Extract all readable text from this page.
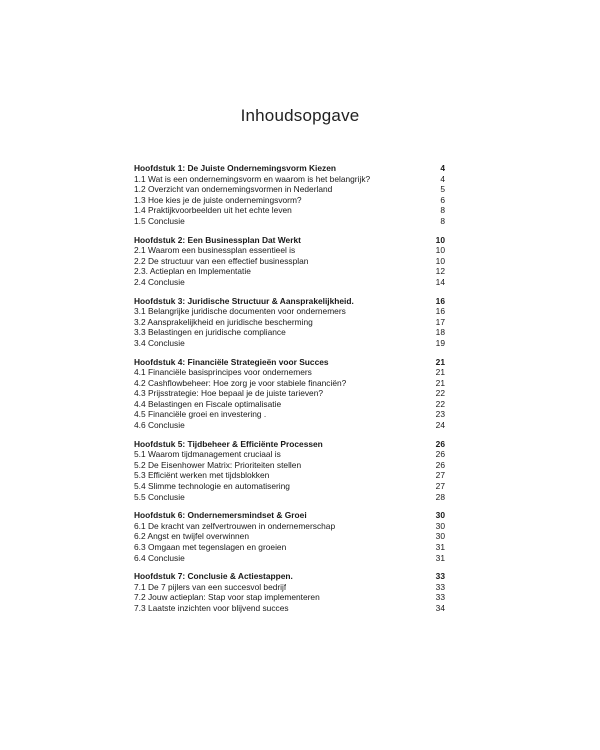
Inhoudsopgave
Hoofdstuk 1: De Juiste Ondernemingsvorm Kiezen	4
1.1 Wat is een ondernemingsvorm en waarom is het belangrijk?	4
1.2 Overzicht van ondernemingsvormen in Nederland	5
1.3 Hoe kies je de juiste ondernemingsvorm?	6
1.4 Praktijkvoorbeelden uit het echte leven	8
1.5 Conclusie	8
Hoofdstuk 2: Een Businessplan Dat Werkt	10
2.1 Waarom een businessplan essentieel is	10
2.2 De structuur van een effectief businessplan	10
2.3. Actieplan en Implementatie	12
2.4 Conclusie	14
Hoofdstuk 3: Juridische Structuur & Aansprakelijkheid.	16
3.1 Belangrijke juridische documenten voor ondernemers	16
3.2 Aansprakelijkheid en juridische bescherming	17
3.3 Belastingen en juridische compliance	18
3.4 Conclusie	19
Hoofdstuk 4: Financiële Strategieën voor Succes	21
4.1 Financiële basisprincipes voor ondernemers	21
4.2 Cashflowbeheer: Hoe zorg je voor stabiele financiën?	21
4.3 Prijsstrategie: Hoe bepaal je de juiste tarieven?	22
4.4 Belastingen en Fiscale optimalisatie	22
4.5 Financiële groei en investering .	23
4.6 Conclusie	24
Hoofdstuk 5: Tijdbeheer & Efficiënte Processen	26
5.1 Waarom tijdmanagement cruciaal is	26
5.2 De Eisenhower Matrix: Prioriteiten stellen	26
5.3 Efficiënt werken met tijdsblokken	27
5.4 Slimme technologie en automatisering	27
5.5 Conclusie	28
Hoofdstuk 6: Ondernemersmindset & Groei	30
6.1 De kracht van zelfvertrouwen in ondernemerschap	30
6.2 Angst en twijfel overwinnen	30
6.3 Omgaan met tegenslagen en groeien	31
6.4 Conclusie	31
Hoofdstuk 7: Conclusie & Actiestappen.	33
7.1 De 7 pijlers van een succesvol bedrijf	33
7.2 Jouw actieplan: Stap voor stap implementeren	33
7.3 Laatste inzichten voor blijvend succes	34
